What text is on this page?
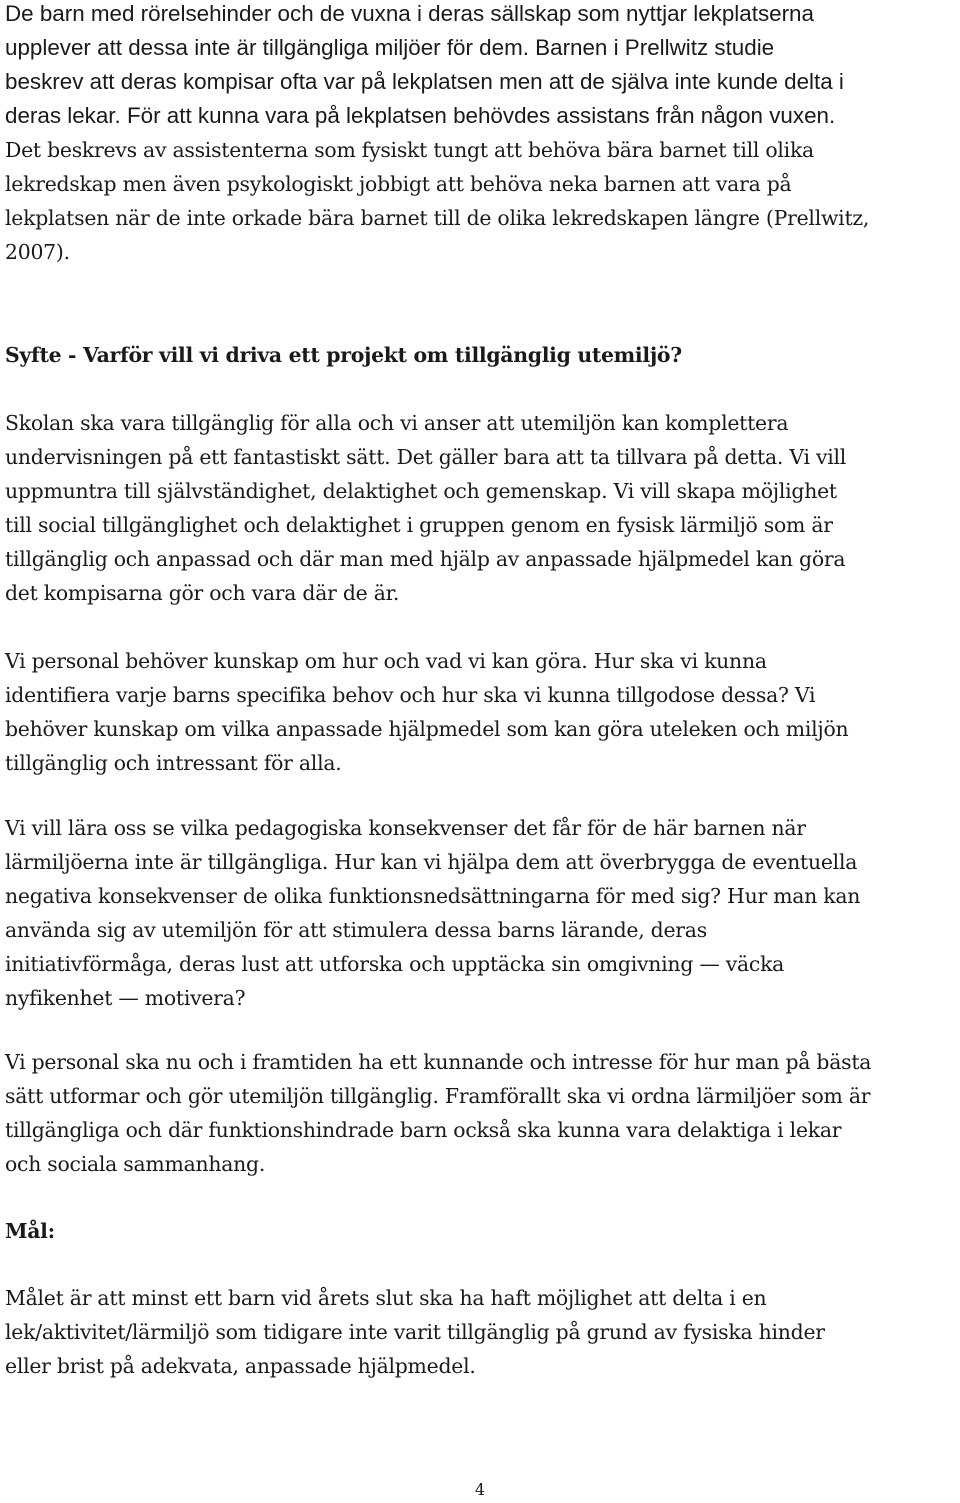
De barn med rörelsehinder och de vuxna i deras sällskap som nyttjar lekplatserna
upplever att dessa inte är tillgängliga miljöer för dem. Barnen i Prellwitz studie
beskrev att deras kompisar ofta var på lekplatsen men att de själva inte kunde delta i
deras lekar. För att kunna vara på lekplatsen behövdes assistans från någon vuxen.

Det beskrevs av assistenterna som fysiskt tungt att behöva bära barnet till olika
lekredskap men även psykologiskt jobbigt att behöva neka barnen att vara på
lekplatsen när de inte orkade bära barnet till de olika lekredskapen längre (Prellwitz,
2007).

Syfte - Varför vill vi driva ett projekt om tillgänglig utemiljö?

Skolan ska vara tillgänglig för alla och vi anser att utemiljön kan komplettera
undervisningen på ett fantastiskt sätt. Det gäller bara att ta tillvara på detta. Vi vill
uppmuntra till självständighet, delaktighet och gemenskap. Vi vill skapa möjlighet
till social tillgänglighet och delaktighet i gruppen genom en fysisk lärmiljö som är
tillgänglig och anpassad och där man med hjälp av anpassade hjälpmedel kan göra
det kompisarna gör och vara där de är.

Vi personal behöver kunskap om hur och vad vi kan göra. Hur ska vi kunna
identifiera varje barns specifika behov och hur ska vi kunna tillgodose dessa? Vi
behöver kunskap om vilka anpassade hjälpmedel som kan göra uteleken och miljön
tillgänglig och intressant för alla.

Vi vill lära oss se vilka pedagogiska konsekvenser det får för de här barnen när
lärmiljöerna inte är tillgängliga. Hur kan vi hjälpa dem att överbrygga de eventuella
negativa konsekvenser de olika funktionsnedsättningarna för med sig? Hur man kan
använda sig av utemiljön för att stimulera dessa barns lärande, deras
initiativförmåga, deras lust att utforska och upptäcka sin omgivning — väcka
nyfikenhet — motivera?

Vi personal ska nu och i framtiden ha ett kunnande och intresse för hur man på bästa
sätt utformar och gör utemiljön tillgänglig. Framförallt ska vi ordna lärmiljöer som är
tillgängliga och där funktionshindrade barn också ska kunna vara delaktiga i lekar
och sociala sammanhang.

Mål:

Målet är att minst ett barn vid årets slut ska ha haft möjlighet att delta i en
lek/aktivitet/lärmiljö som tidigare inte varit tillgänglig på grund av fysiska hinder
eller brist på adekvata, anpassade hjälpmedel.

4
